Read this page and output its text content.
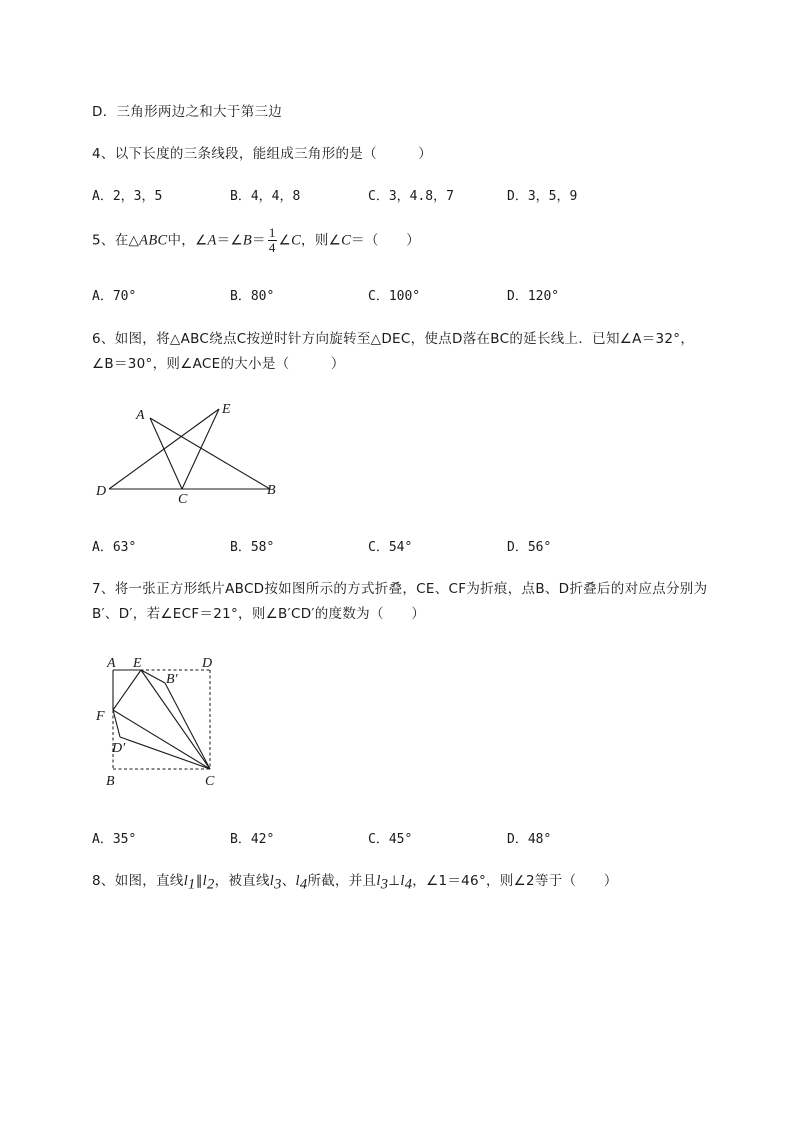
D．三角形两边之和大于第三边
4、以下长度的三条线段，能组成三角形的是（　　　）
A．2，3，5	B．4，4，8	C．3，4.8，7	D．3，5，9
5、在△ABC中，∠A＝∠B＝ $\frac{1}{4}$ ∠C，则∠C＝（　　）
A．70°	B．80°	C．100°	D．120°
6、如图，将△ABC绕点C按逆时针方向旋转至△DEC，使点D落在BC的延长线上．已知∠A＝32°，
∠B＝30°，则∠ACE的大小是（　　　）
A	E
D
C
B
A．63°	B．58°	C．54°	D．56°
7、将一张正方形纸片ABCD按如图所示的方式折叠，CE、CF为折痕，点B、D折叠后的对应点分别为
B′、D′，若∠ECF＝21°，则∠B′CD′的度数为（　　）
A E	D
B′
F
D′
B	C
A．35°	B．42°	C．45°	D．48°
8、如图，直线$l_1\parallel l_2$，被直线$l_3$、$l_4$所截，并且$l_3\perp l_4$，∠1＝46°，则∠2等于（　　）
